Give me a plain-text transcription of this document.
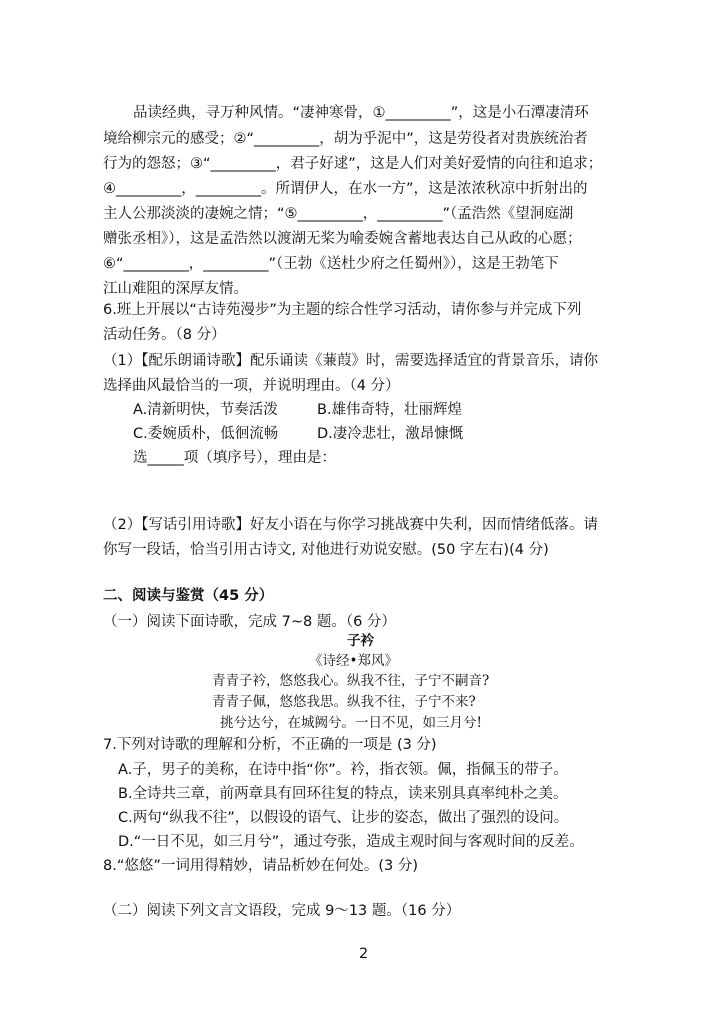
品读经典，寻万种风情。“凄神寒骨，①_________”，这是小石潭凄清环
境给柳宗元的感受；②“_________，胡为乎泥中”，这是劳役者对贵族统治者
行为的怨怒；③“_________，君子好逑”，这是人们对美好爱情的向往和追求；
④_________，_________。所谓伊人，在水一方”，这是浓浓秋凉中折射出的
主人公那淡淡的凄婉之情；“⑤_________，_________”（孟浩然《望洞庭湖
赠张丞相》），这是孟浩然以渡湖无桨为喻委婉含蓄地表达自己从政的心愿；
⑥“_________，_________”（王勃《送杜少府之任蜀州》），这是王勃笔下
江山难阻的深厚友情。
6.班上开展以“古诗苑漫步”为主题的综合性学习活动，请你参与并完成下列
活动任务。（8 分）
（1）【配乐朗诵诗歌】配乐诵读《蒹葭》时，需要选择适宜的背景音乐，请你
选择曲风最恰当的一项，并说明理由。（4 分）
A.清新明快，节奏活泼	B.雄伟奇特，壮丽辉煌
C.委婉质朴，低徊流畅	D.凄冷悲壮，激昂慷慨
选_____项（填序号），理由是：
（2）【写话引用诗歌】好友小语在与你学习挑战赛中失利，因而情绪低落。请
你写一段话，恰当引用古诗文, 对他进行劝说安慰。(50 字左右)(4 分)
二、阅读与鉴赏（45 分）
（一）阅读下面诗歌，完成 7~8 题。（6 分）
子衿
《诗经•郑风》
青青子衿，悠悠我心。纵我不往，子宁不嗣音?
青青子佩，悠悠我思。纵我不往，子宁不来?
挑兮达兮，在城阙兮。一日不见，如三月兮!
7.下列对诗歌的理解和分析，不正确的一项是 (3 分)
A.子，男子的美称，在诗中指“你”。衿，指衣领。佩，指佩玉的带子。
B.全诗共三章，前两章具有回环往复的特点，读来别具真率纯朴之美。
C.两句“纵我不往”，以假设的语气、让步的姿态，做出了强烈的设问。
D.“一日不见，如三月兮”，通过夸张，造成主观时间与客观时间的反差。
8.“悠悠”一词用得精妙，请品析妙在何处。(3 分)
（二）阅读下列文言文语段，完成 9～13 题。（16 分）
2
